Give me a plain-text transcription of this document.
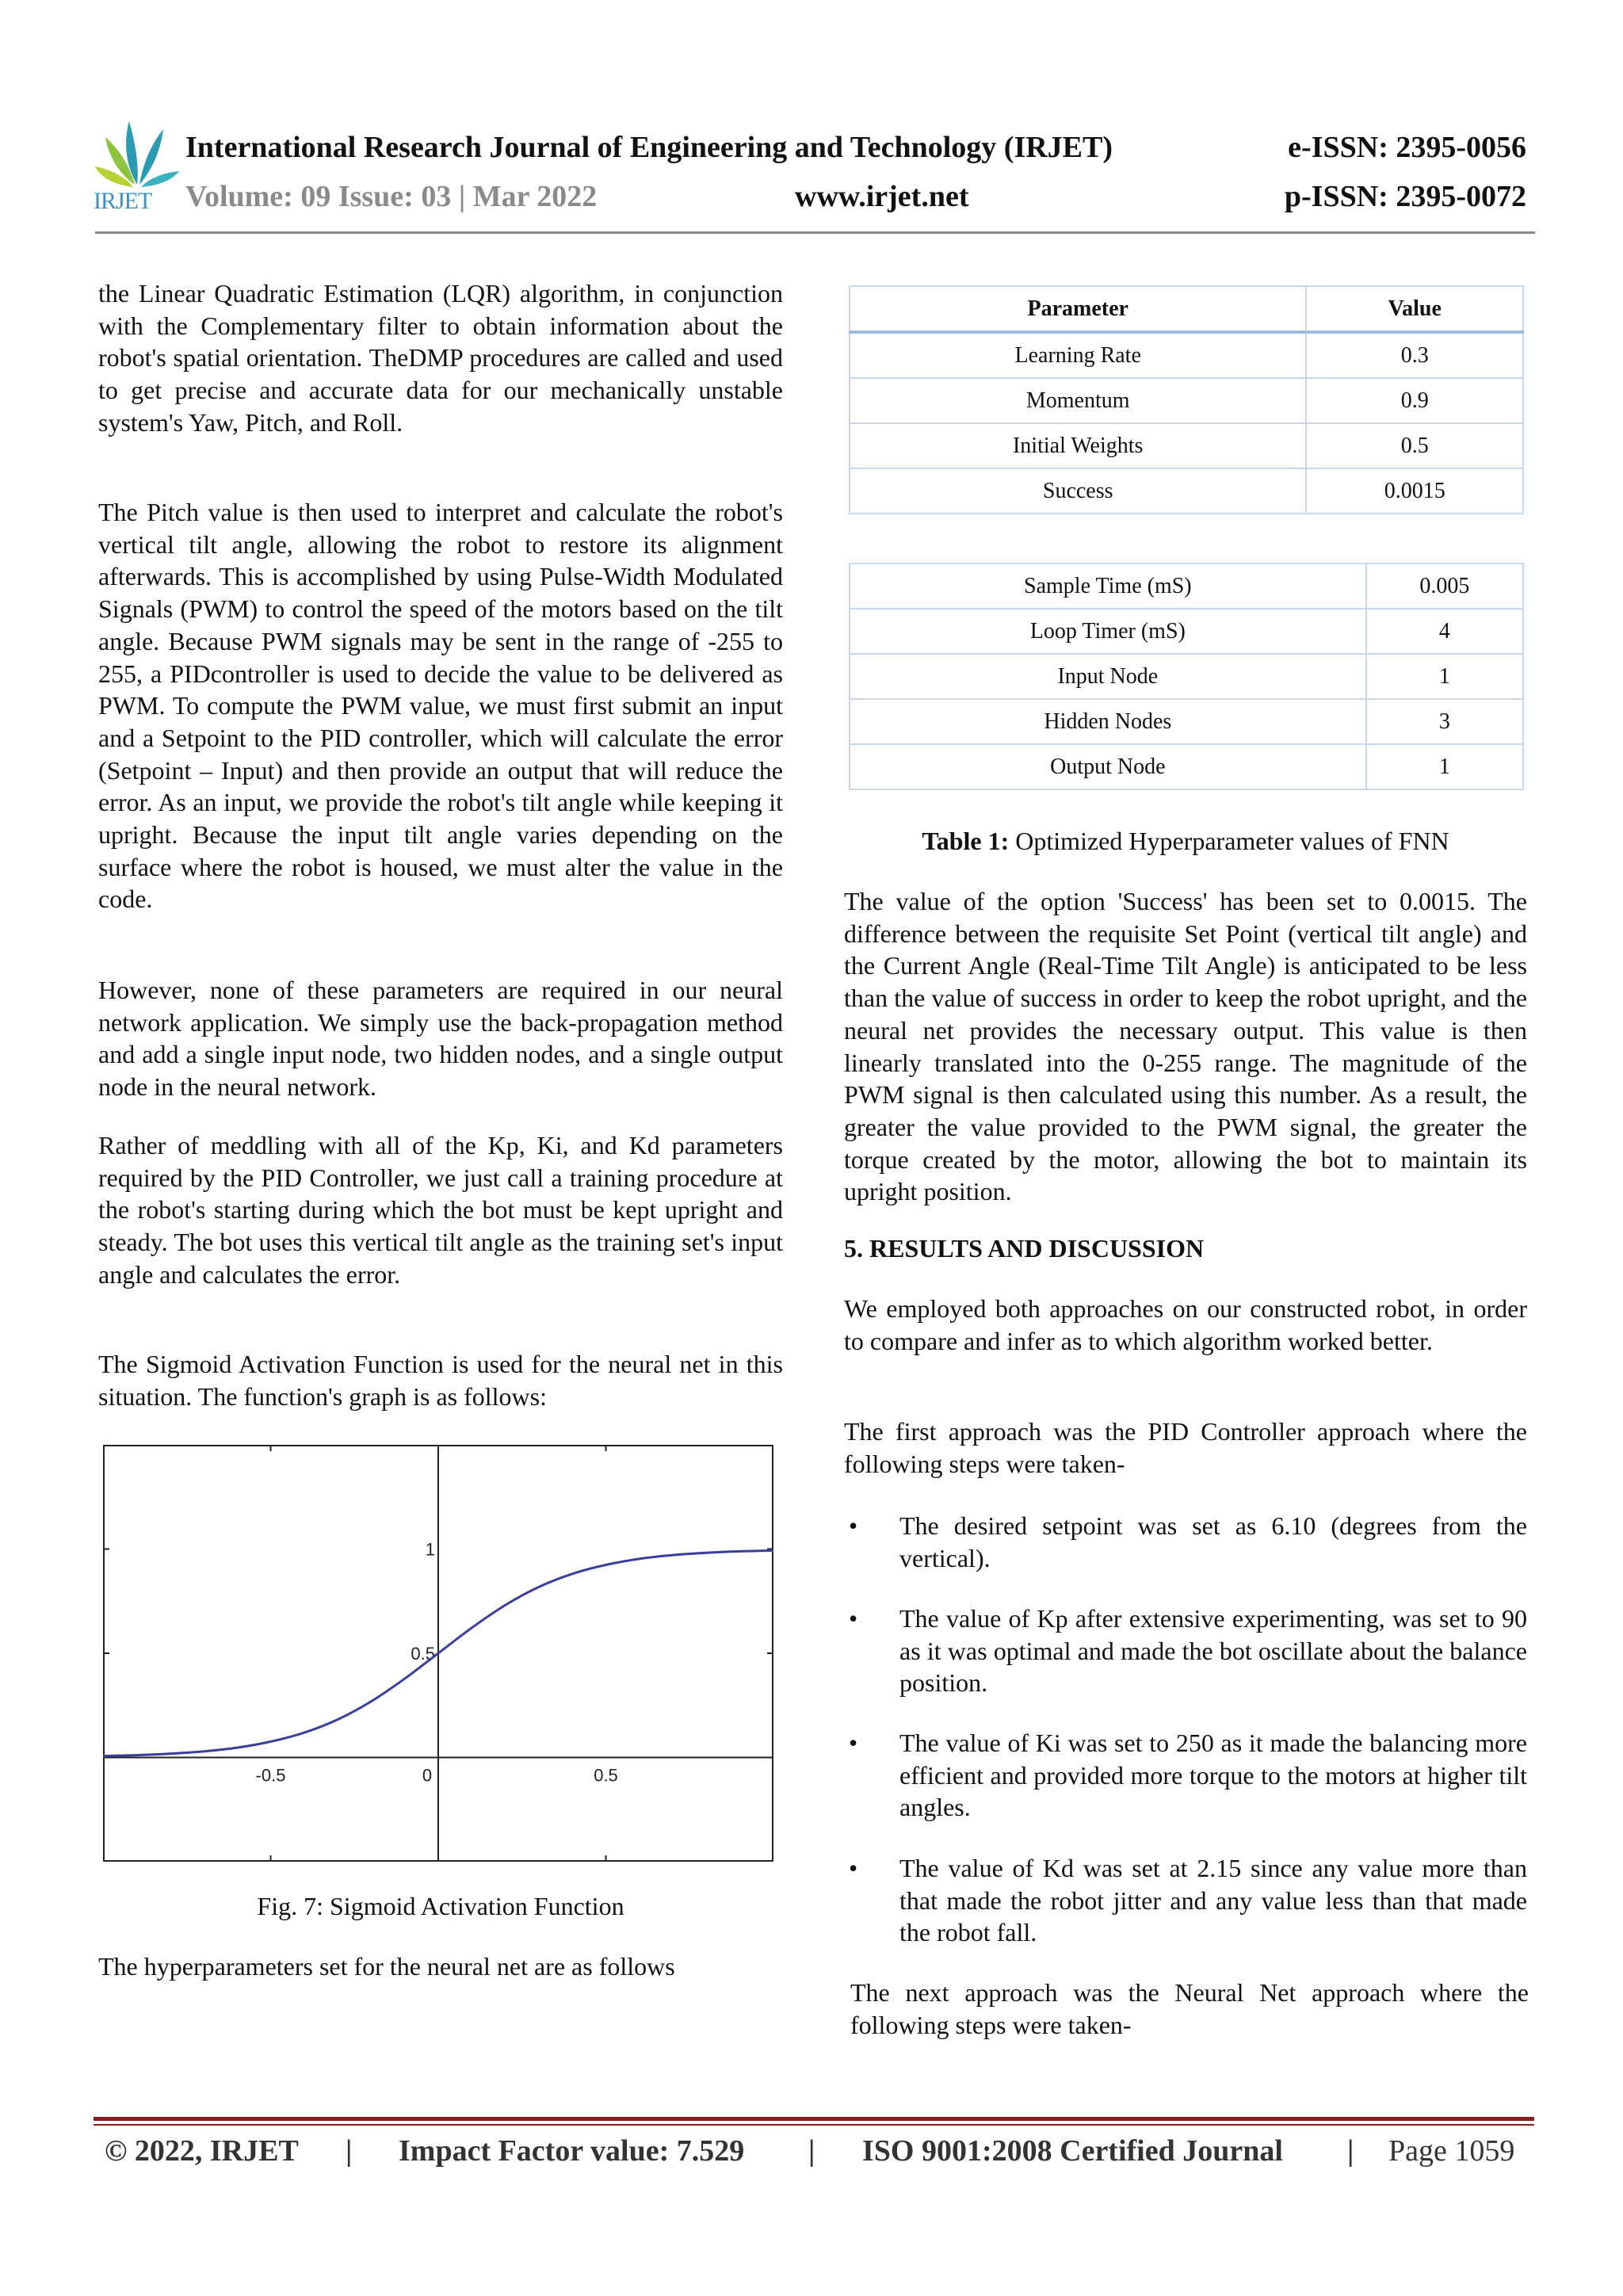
IRJET
International Research Journal of Engineering and Technology (IRJET)
Volume: 09 Issue: 03 | Mar 2022	www.irjet.net
e-ISSN: 2395-0056
p-ISSN: 2395-0072
the Linear Quadratic Estimation (LQR) algorithm, in conjunction with the Complementary filter to obtain information about the robot's spatial orientation. TheDMP procedures are called and used to get precise and accurate data for our mechanically unstable system's Yaw, Pitch, and Roll.
The Pitch value is then used to interpret and calculate the robot's vertical tilt angle, allowing the robot to restore its alignment afterwards. This is accomplished by using Pulse-Width Modulated Signals (PWM) to control the speed of the motors based on the tilt angle. Because PWM signals may be sent in the range of -255 to 255, a PIDcontroller is used to decide the value to be delivered as PWM. To compute the PWM value, we must first submit an input and a Setpoint to the PID controller, which will calculate the error (Setpoint – Input) and then provide an output that will reduce the error. As an input, we provide the robot's tilt angle while keeping it upright. Because the input tilt angle varies depending on the surface where the robot is housed, we must alter the value in the code.
However, none of these parameters are required in our neural network application. We simply use the back-propagation method and add a single input node, two hidden nodes, and a single output node in the neural network.
Rather of meddling with all of the Kp, Ki, and Kd parameters required by the PID Controller, we just call a training procedure at the robot's starting during which the bot must be kept upright and steady. The bot uses this vertical tilt angle as the training set's input angle and calculates the error.
The Sigmoid Activation Function is used for the neural net in this situation. The function's graph is as follows:
-0.5	0	0.5
0.5
1
Fig. 7: Sigmoid Activation Function
The hyperparameters set for the neural net are as follows
Parameter	Value
Learning Rate	0.3
Momentum	0.9
Initial Weights	0.5
Success	0.0015
Sample Time (mS)	0.005
Loop Timer (mS)	4
Input Node	1
Hidden Nodes	3
Output Node	1
Table 1: Optimized Hyperparameter values of FNN
The value of the option 'Success' has been set to 0.0015. The difference between the requisite Set Point (vertical tilt angle) and the Current Angle (Real-Time Tilt Angle) is anticipated to be less than the value of success in order to keep the robot upright, and the neural net provides the necessary output. This value is then linearly translated into the 0-255 range. The magnitude of the PWM signal is then calculated using this number. As a result, the greater the value provided to the PWM signal, the greater the torque created by the motor, allowing the bot to maintain its upright position.
5. RESULTS AND DISCUSSION
We employed both approaches on our constructed robot, in order to compare and infer as to which algorithm worked better.
The first approach was the PID Controller approach where the following steps were taken-
• The desired setpoint was set as 6.10 (degrees from the vertical).
• The value of Kp after extensive experimenting, was set to 90 as it was optimal and made the bot oscillate about the balance position.
• The value of Ki was set to 250 as it made the balancing more efficient and provided more torque to the motors at higher tilt angles.
• The value of Kd was set at 2.15 since any value more than that made the robot jitter and any value less than that made the robot fall.
The next approach was the Neural Net approach where the following steps were taken-
© 2022, IRJET | Impact Factor value: 7.529 | ISO 9001:2008 Certified Journal | Page 1059
